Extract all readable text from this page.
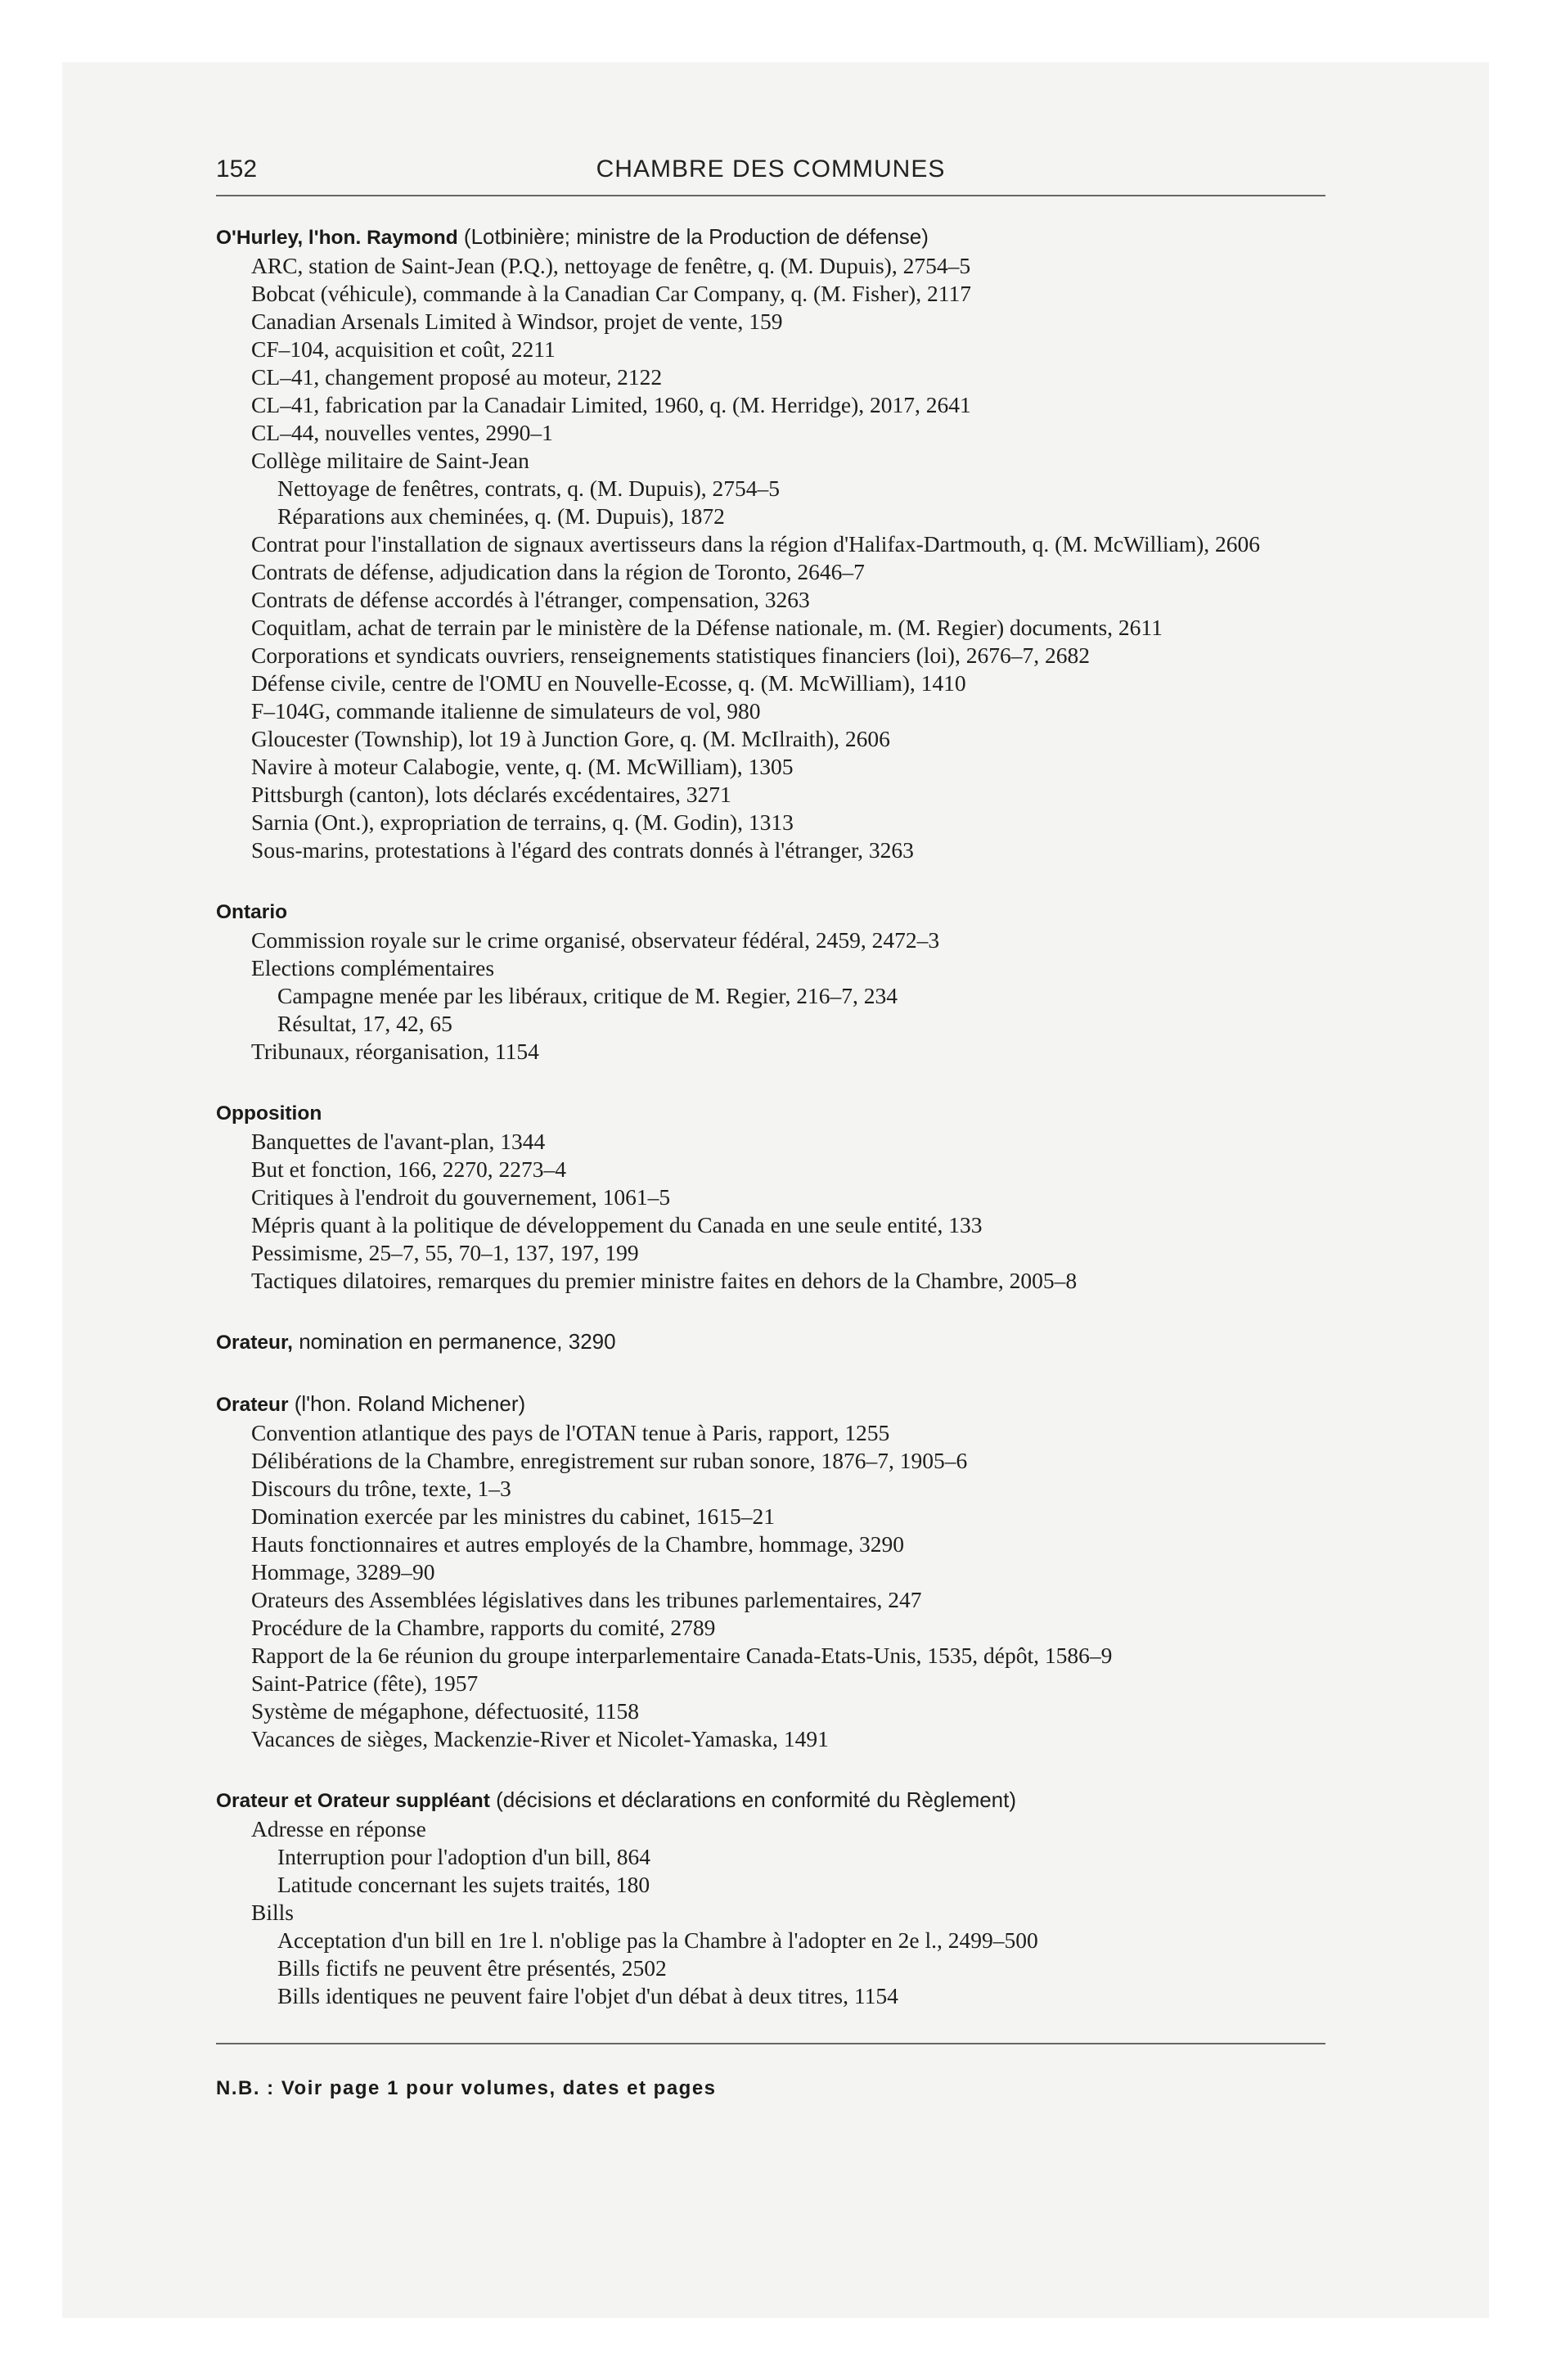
152	CHAMBRE DES COMMUNES
O'Hurley, l'hon. Raymond (Lotbinière; ministre de la Production de défense)
ARC, station de Saint-Jean (P.Q.), nettoyage de fenêtre, q. (M. Dupuis), 2754–5
Bobcat (véhicule), commande à la Canadian Car Company, q. (M. Fisher), 2117
Canadian Arsenals Limited à Windsor, projet de vente, 159
CF–104, acquisition et coût, 2211
CL–41, changement proposé au moteur, 2122
CL–41, fabrication par la Canadair Limited, 1960, q. (M. Herridge), 2017, 2641
CL–44, nouvelles ventes, 2990–1
Collège militaire de Saint-Jean
Nettoyage de fenêtres, contrats, q. (M. Dupuis), 2754–5
Réparations aux cheminées, q. (M. Dupuis), 1872
Contrat pour l'installation de signaux avertisseurs dans la région d'Halifax-Dartmouth, q. (M. McWilliam), 2606
Contrats de défense, adjudication dans la région de Toronto, 2646–7
Contrats de défense accordés à l'étranger, compensation, 3263
Coquitlam, achat de terrain par le ministère de la Défense nationale, m. (M. Regier) documents, 2611
Corporations et syndicats ouvriers, renseignements statistiques financiers (loi), 2676–7, 2682
Défense civile, centre de l'OMU en Nouvelle-Ecosse, q. (M. McWilliam), 1410
F–104G, commande italienne de simulateurs de vol, 980
Gloucester (Township), lot 19 à Junction Gore, q. (M. McIlraith), 2606
Navire à moteur Calabogie, vente, q. (M. McWilliam), 1305
Pittsburgh (canton), lots déclarés excédentaires, 3271
Sarnia (Ont.), expropriation de terrains, q. (M. Godin), 1313
Sous-marins, protestations à l'égard des contrats donnés à l'étranger, 3263
Ontario
Commission royale sur le crime organisé, observateur fédéral, 2459, 2472–3
Elections complémentaires
Campagne menée par les libéraux, critique de M. Regier, 216–7, 234
Résultat, 17, 42, 65
Tribunaux, réorganisation, 1154
Opposition
Banquettes de l'avant-plan, 1344
But et fonction, 166, 2270, 2273–4
Critiques à l'endroit du gouvernement, 1061–5
Mépris quant à la politique de développement du Canada en une seule entité, 133
Pessimisme, 25–7, 55, 70–1, 137, 197, 199
Tactiques dilatoires, remarques du premier ministre faites en dehors de la Chambre, 2005–8
Orateur, nomination en permanence, 3290
Orateur (l'hon. Roland Michener)
Convention atlantique des pays de l'OTAN tenue à Paris, rapport, 1255
Délibérations de la Chambre, enregistrement sur ruban sonore, 1876–7, 1905–6
Discours du trône, texte, 1–3
Domination exercée par les ministres du cabinet, 1615–21
Hauts fonctionnaires et autres employés de la Chambre, hommage, 3290
Hommage, 3289–90
Orateurs des Assemblées législatives dans les tribunes parlementaires, 247
Procédure de la Chambre, rapports du comité, 2789
Rapport de la 6e réunion du groupe interparlementaire Canada-Etats-Unis, 1535, dépôt, 1586–9
Saint-Patrice (fête), 1957
Système de mégaphone, défectuosité, 1158
Vacances de sièges, Mackenzie-River et Nicolet-Yamaska, 1491
Orateur et Orateur suppléant (décisions et déclarations en conformité du Règlement)
Adresse en réponse
Interruption pour l'adoption d'un bill, 864
Latitude concernant les sujets traités, 180
Bills
Acceptation d'un bill en 1re l. n'oblige pas la Chambre à l'adopter en 2e l., 2499–500
Bills fictifs ne peuvent être présentés, 2502
Bills identiques ne peuvent faire l'objet d'un débat à deux titres, 1154
N.B. : Voir page 1 pour volumes, dates et pages
